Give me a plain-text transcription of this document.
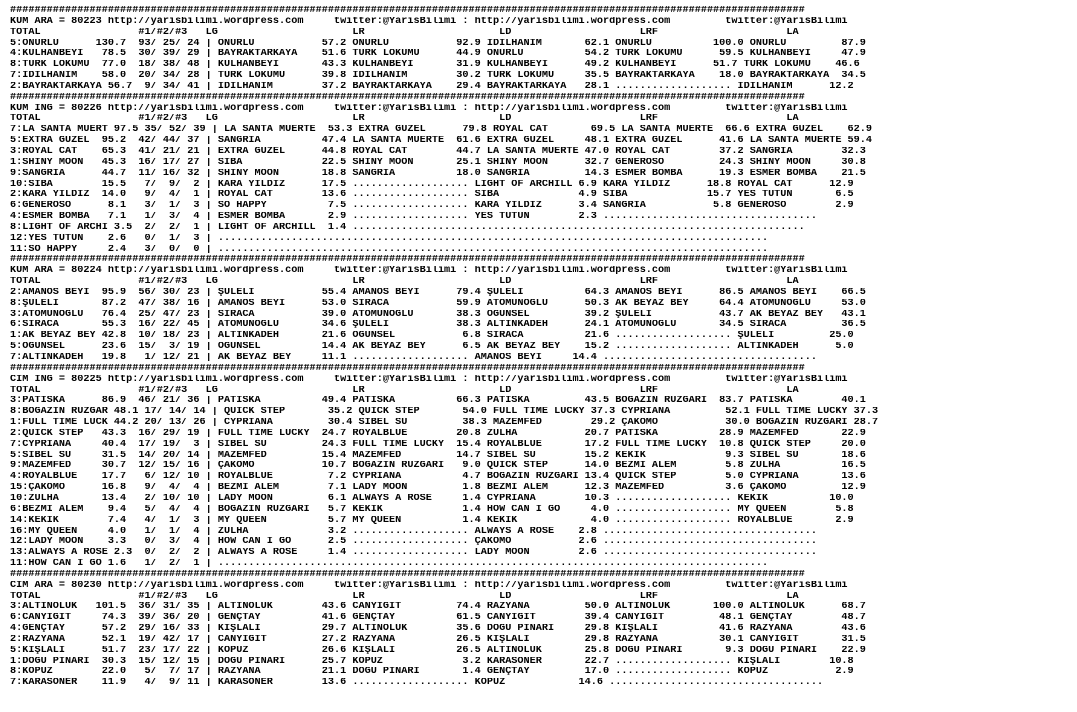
##################################################################################################################################
KUM ARA = 80223 http://yarisbilimi.wordpress.com     twitter:@YarisBilimi : http://yarisbilimi.wordpress.com         twitter:@YarisBilimi
TOTAL                #1/#2/#3   LG                      LR                      LD                     LRF                     LA
5:ONURLU      130.7  93/ 25/ 24 | ONURLU           57.2 ONURLU           92.9 İDİLHANIM       62.1 ONURLU          100.0 ONURLU         87.9
4:KÜLHANBEYİ   78.5  30/ 39/ 29 | BAYRAKTARKAYA    51.6 TÜRK LOKUMU      44.9 ONURLU          54.2 TÜRK LOKUMU      59.5 KÜLHANBEYİ     47.9
8:TÜRK LOKUMU  77.0  18/ 38/ 48 | KÜLHANBEYİ       43.3 KÜLHANBEYİ       31.9 KÜLHANBEYİ      49.2 KÜLHANBEYİ      51.7 TÜRK LOKUMU    46.6
7:İDİLHANIM    58.0  20/ 34/ 28 | TÜRK LOKUMU      39.8 İDİLHANIM        30.2 TÜRK LOKUMU     35.5 BAYRAKTARKAYA    18.0 BAYRAKTARKAYA  34.5
2:BAYRAKTARKAYA 56.7  9/ 34/ 41 | İDİLHANIM        37.2 BAYRAKTARKAYA    29.4 BAYRAKTARKAYA   28.1 ................... İDİLHANIM      12.2
##################################################################################################################################
KUM ING = 80226 http://yarisbilimi.wordpress.com     twitter:@YarisBilimi : http://yarisbilimi.wordpress.com         twitter:@YarisBilimi
TOTAL                #1/#2/#3   LG                      LR                      LD                     LRF                     LA
7:LA SANTA MUERT 97.5 35/ 52/ 39 | LA SANTA MUERTE  53.3 EXTRA GÜZEL      79.8 ROYAL CAT       69.5 LA SANTA MUERTE  66.6 EXTRA GÜZEL    62.9
5:EXTRA GÜZEL  95.2  42/ 44/ 37 | SANGRIA          47.4 LA SANTA MUERTE  61.6 EXTRA GÜZEL     48.1 EXTRA GÜZEL      41.6 LA SANTA MUERTE 59.4
3:ROYAL CAT    65.3  41/ 21/ 21 | EXTRA GÜZEL      44.8 ROYAL CAT        44.7 LA SANTA MUERTE 47.0 ROYAL CAT        37.2 SANGRIA        32.3
1:SHINY MOON   45.3  16/ 17/ 27 | SİBA             22.5 SHINY MOON       25.1 SHINY MOON      32.7 GENEROSO         24.3 SHINY MOON     30.8
9:SANGRIA      44.7  11/ 16/ 32 | SHINY MOON       18.8 SANGRIA          18.0 SANGRIA         14.3 ESMER BOMBA      19.3 ESMER BOMBA    21.5
10:SİBA        15.5   7/  9/  2 | KARA YILDIZ      17.5 ................... LIGHT OF ARCHILL 6.9 KARA YILDIZ      18.8 ROYAL CAT      12.9
2:KARA YILDIZ  14.0   9/  4/  1 | ROYAL CAT        13.6 ................... SİBA             4.9 SİBA             15.7 YES TÜTÜN       6.5
6:GENEROSO      8.1   3/  1/  3 | SO HAPPY          7.5 ................... KARA YILDIZ      3.4 SANGRIA           5.8 GENEROSO        2.9
4:ESMER BOMBA   7.1   1/  3/  4 | ESMER BOMBA       2.9 ................... YES TÜTÜN        2.3 ...................................
8:LIGHT OF ARCHI 3.5  2/  2/  1 | LIGHT OF ARCHILL  1.4 ..........................................................................
12:YES TÜTÜN    2.6   0/  1/  3 | ..........................................................................................
11:SO HAPPY     2.4   3/  0/  0 | ..........................................................................................
##################################################################################################################################
KUM ARA = 80224 http://yarisbilimi.wordpress.com     twitter:@YarisBilimi : http://yarisbilimi.wordpress.com         twitter:@YarisBilimi
TOTAL                #1/#2/#3   LG                      LR                      LD                     LRF                     LA
2:AMANOS BEYİ  95.9  56/ 30/ 23 | ŞULELİ           55.4 AMANOS BEYİ      79.4 ŞULELİ          64.3 AMANOS BEYİ      86.5 AMANOS BEYİ    66.5
8:ŞULELİ       87.2  47/ 38/ 16 | AMANOS BEYİ      53.0 SIRACA           59.9 ATOMUNOĞLU      50.3 AK BEYAZ BEY     64.4 ATOMUNOĞLU     53.0
3:ATOMUNOĞLU   76.4  25/ 47/ 23 | SIRACA           39.0 ATOMUNOĞLU       38.3 ÖĞÜNSEL         39.2 ŞULELİ           43.7 AK BEYAZ BEY   43.1
6:SIRACA       55.3  16/ 22/ 45 | ATOMUNOĞLU       34.6 ŞULELİ           38.3 ALTINKADEH      24.1 ATOMUNOĞLU       34.5 SIRACA         36.5
1:AK BEYAZ BEY 42.8  10/ 18/ 23 | ALTINKADEH       21.6 ÖĞÜNSEL           6.8 SIRACA          21.6 ................... ŞULELİ         25.0
5:ÖĞÜNSEL      23.6  15/  3/ 19 | ÖĞÜNSEL          14.4 AK BEYAZ BEY      6.5 AK BEYAZ BEY    15.2 ................... ALTINKADEH      5.0
7:ALTINKADEH   19.8   1/ 12/ 21 | AK BEYAZ BEY     11.1 ................... AMANOS BEYİ     14.4 ...................................
##################################################################################################################################
CIM ING = 80225 http://yarisbilimi.wordpress.com     twitter:@YarisBilimi : http://yarisbilimi.wordpress.com         twitter:@YarisBilimi
TOTAL                #1/#2/#3   LG                      LR                      LD                     LRF                     LA
3:PATİSKA      86.9  46/ 21/ 36 | PATİSKA          49.4 PATİSKA          66.3 PATİSKA         43.5 BOĞAZIN RÜZGARI  83.7 PATİSKA        40.1
8:BOĞAZIN RÜZGAR 48.1 17/ 14/ 14 | QUICK STEP       35.2 QUICK STEP       54.0 FULL TIME LUCKY 37.3 CYPRIANA         52.1 FULL TIME LUCKY 37.3
1:FULL TIME LUCK 44.2 20/ 13/ 26 | CYPRIANA         30.4 SİBEL SU         38.3 MAZEMFED        29.2 ÇAKOMO           30.0 BOĞAZIN RÜZGARI 28.7
2:QUICK STEP   43.3  16/ 29/ 19 | FULL TIME LUCKY  24.7 ROYALBLUE        20.8 ZÜLHA           20.7 PATİSKA          28.9 MAZEMFED       22.9
7:CYPRIANA     40.4  17/ 19/  3 | SİBEL SU         24.3 FULL TIME LUCKY  15.4 ROYALBLUE       17.2 FULL TIME LUCKY  10.8 QUICK STEP     20.0
5:SİBEL SU     31.5  14/ 20/ 14 | MAZEMFED         15.4 MAZEMFED         14.7 SİBEL SU        15.2 KEKİK             9.3 SİBEL SU       18.6
9:MAZEMFED     30.7  12/ 15/ 16 | ÇAKOMO           10.7 BOĞAZIN RÜZGARI   9.0 QUICK STEP      14.0 BEZMİ ALEM        5.8 ZÜLHA          16.5
4:ROYALBLUE    17.7   6/ 12/ 10 | ROYALBLUE         7.2 CYPRIANA          4.7 BOĞAZIN RÜZGARI 13.4 QUICK STEP        5.0 CYPRIANA       13.6
15:ÇAKOMO      16.8   9/  4/  4 | BEZMİ ALEM        7.1 LADY MOON         1.8 BEZMİ ALEM      12.3 MAZEMFED          3.6 ÇAKOMO         12.9
10:ZÜLHA       13.4   2/ 10/ 10 | LADY MOON         6.1 ALWAYS A ROSE     1.4 CYPRIANA        10.3 ................... KEKİK          10.0
6:BEZMİ ALEM    9.4   5/  4/  4 | BOĞAZIN RÜZGARI   5.7 KEKİK             1.4 HOW CAN I GO     4.0 ................... MY QUEEN        5.8
14:KEKİK        7.4   4/  1/  3 | MY QUEEN          5.7 MY QUEEN          1.4 KEKİK            4.0 ................... ROYALBLUE       2.9
16:MY QUEEN     4.0   1/  1/  4 | ZÜLHA             3.2 ................... ALWAYS A ROSE    2.8 ...................................
12:LADY MOON    3.3   0/  3/  4 | HOW CAN I GO      2.5 ................... ÇAKOMO           2.6 ...................................
13:ALWAYS A ROSE 2.3  0/  2/  2 | ALWAYS A ROSE     1.4 ................... LADY MOON        2.6 ...................................
11:HOW CAN I GO 1.6   1/  2/  1 | ..........................................................................................
##################################################################################################################################
CIM ARA = 80230 http://yarisbilimi.wordpress.com     twitter:@YarisBilimi : http://yarisbilimi.wordpress.com         twitter:@YarisBilimi
TOTAL                #1/#2/#3   LG                      LR                      LD                     LRF                     LA
3:ALTINOLUK   101.5  36/ 31/ 35 | ALTINOLUK        43.6 CANYİĞİT         74.4 RAZYANA         50.0 ALTINOLUK       100.0 ALTINOLUK      68.7
6:CANYİĞİT     74.3  39/ 36/ 20 | GENÇTAY          41.6 GENÇTAY          61.5 CANYİĞİT        39.4 CANYİĞİT         48.1 GENÇTAY        48.7
4:GENÇTAY      57.2  29/ 16/ 33 | KIŞLALI          29.7 ALTINOLUK        35.6 DOĞU PINARI     29.8 KIŞLALI          41.6 RAZYANA        43.6
2:RAZYANA      52.1  19/ 42/ 17 | CANYİĞİT         27.2 RAZYANA          26.5 KIŞLALI         29.8 RAZYANA          30.1 CANYİĞİT       31.5
5:KIŞLALI      51.7  23/ 17/ 22 | KOPUZ            26.6 KIŞLALI          26.5 ALTINOLUK       25.8 DOĞU PINARI       9.3 DOĞU PINARI    22.9
1:DOĞU PINARI  30.3  15/ 12/ 15 | DOĞU PINARI      25.7 KOPUZ             3.2 KARASONER       22.7 ................... KIŞLALI        10.8
8:KOPUZ        22.0   5/  7/ 17 | RAZYANA          21.1 DOĞU PINARI       1.4 GENÇTAY         17.0 ................... KOPUZ           2.9
7:KARASONER    11.9   4/  9/ 11 | KARASONER        13.6 ................... KOPUZ            14.6 ...................................
